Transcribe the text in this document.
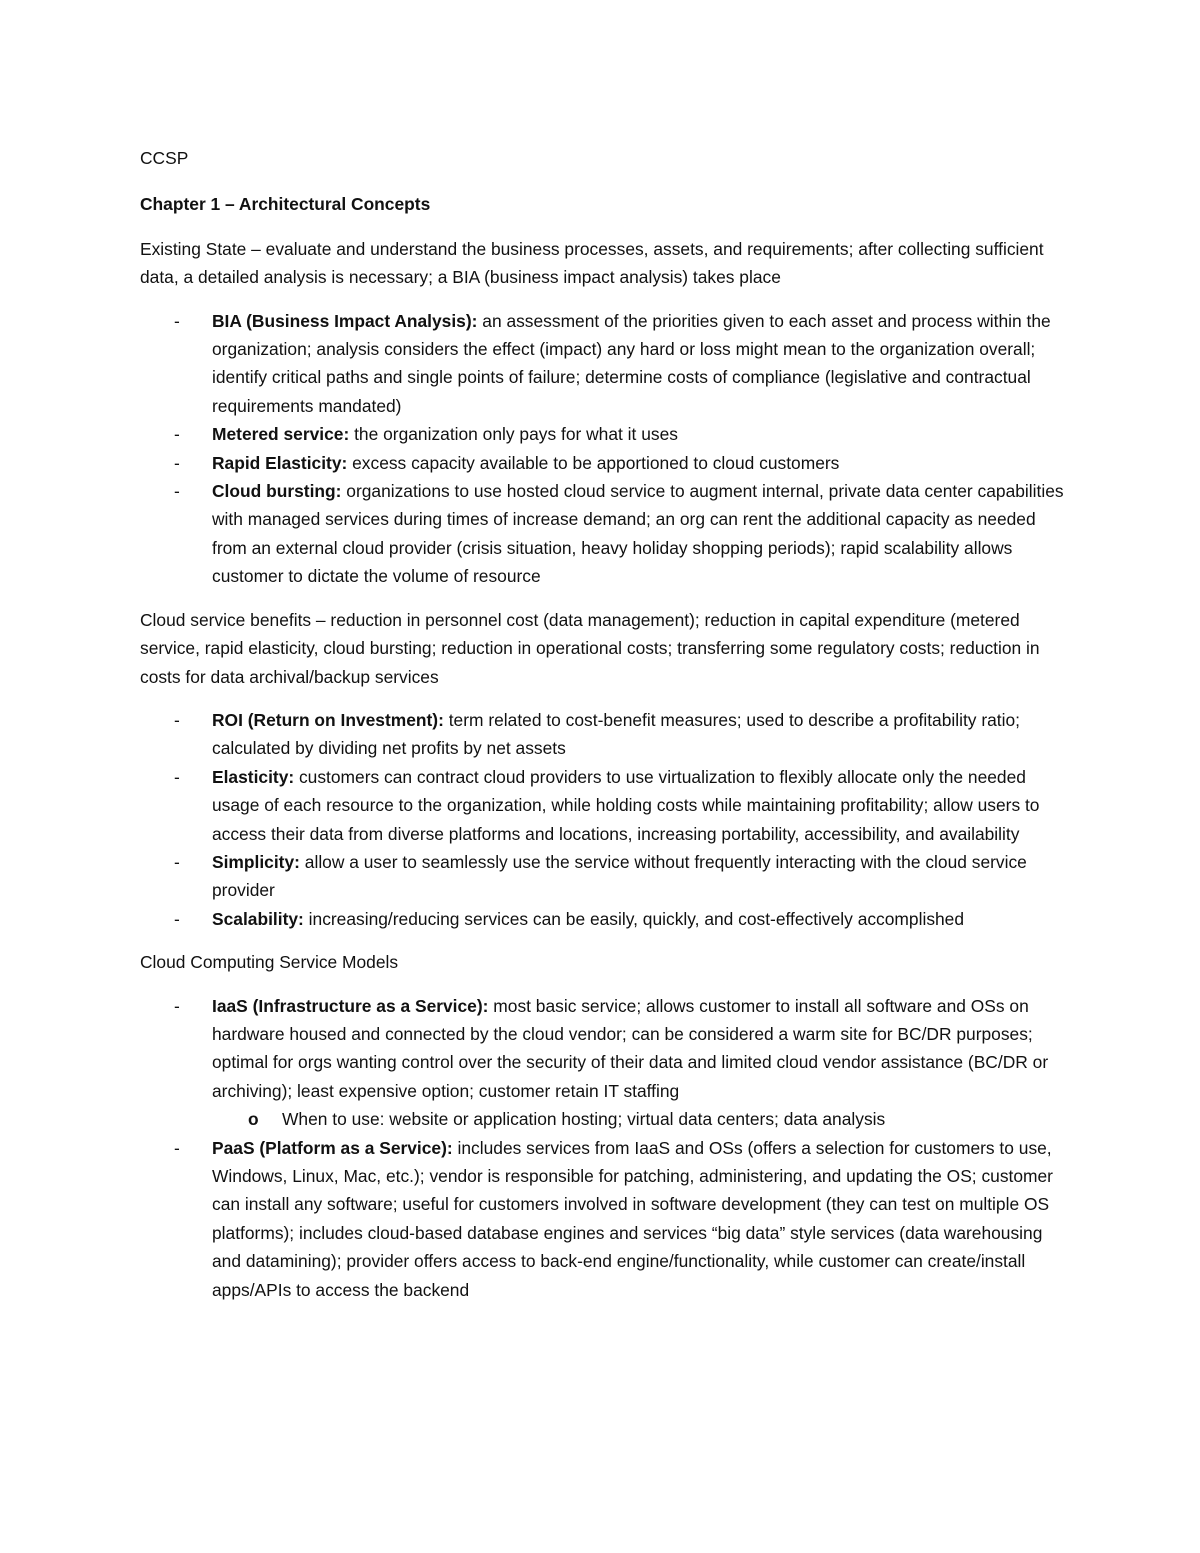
CCSP

Chapter 1 – Architectural Concepts

Existing State – evaluate and understand the business processes, assets, and requirements; after collecting sufficient data, a detailed analysis is necessary; a BIA (business impact analysis) takes place

- BIA (Business Impact Analysis): an assessment of the priorities given to each asset and process within the organization; analysis considers the effect (impact) any hard or loss might mean to the organization overall; identify critical paths and single points of failure; determine costs of compliance (legislative and contractual requirements mandated)
- Metered service: the organization only pays for what it uses
- Rapid Elasticity: excess capacity available to be apportioned to cloud customers
- Cloud bursting: organizations to use hosted cloud service to augment internal, private data center capabilities with managed services during times of increase demand; an org can rent the additional capacity as needed from an external cloud provider (crisis situation, heavy holiday shopping periods); rapid scalability allows customer to dictate the volume of resource

Cloud service benefits – reduction in personnel cost (data management); reduction in capital expenditure (metered service, rapid elasticity, cloud bursting; reduction in operational costs; transferring some regulatory costs; reduction in costs for data archival/backup services

- ROI (Return on Investment): term related to cost-benefit measures; used to describe a profitability ratio; calculated by dividing net profits by net assets
- Elasticity: customers can contract cloud providers to use virtualization to flexibly allocate only the needed usage of each resource to the organization, while holding costs while maintaining profitability; allow users to access their data from diverse platforms and locations, increasing portability, accessibility, and availability
- Simplicity: allow a user to seamlessly use the service without frequently interacting with the cloud service provider
- Scalability: increasing/reducing services can be easily, quickly, and cost-effectively accomplished

Cloud Computing Service Models

- IaaS (Infrastructure as a Service): most basic service; allows customer to install all software and OSs on hardware housed and connected by the cloud vendor; can be considered a warm site for BC/DR purposes; optimal for orgs wanting control over the security of their data and limited cloud vendor assistance (BC/DR or archiving); least expensive option; customer retain IT staffing
o When to use: website or application hosting; virtual data centers; data analysis
- PaaS (Platform as a Service): includes services from IaaS and OSs (offers a selection for customers to use, Windows, Linux, Mac, etc.); vendor is responsible for patching, administering, and updating the OS; customer can install any software; useful for customers involved in software development (they can test on multiple OS platforms); includes cloud-based database engines and services “big data” style services (data warehousing and datamining); provider offers access to back-end engine/functionality, while customer can create/install apps/APIs to access the backend
